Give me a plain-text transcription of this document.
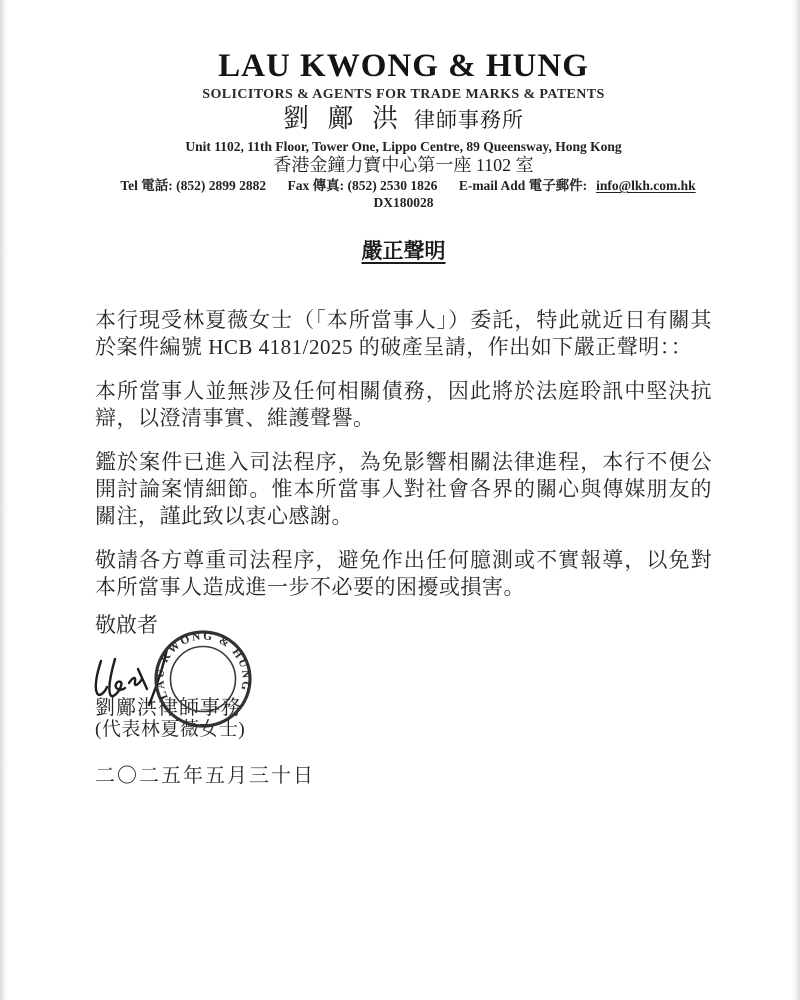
LAU KWONG & HUNG
SOLICITORS & AGENTS FOR TRADE MARKS & PATENTS
劉 鄺 洪 律師事務所
Unit 1102, 11th Floor, Tower One, Lippo Centre, 89 Queensway, Hong Kong
香港金鐘力寶中心第一座 1102 室
Tel 電話: (852) 2899 2882 Fax 傳真: (852) 2530 1826 E-mail Add 電子郵件: info@lkh.com.hk DX180028
嚴正聲明

本行現受林夏薇女士（「本所當事人」）委託，特此就近日有關其於案件編號 HCB 4181/2025 的破產呈請，作出如下嚴正聲明：：

本所當事人並無涉及任何相關債務，因此將於法庭聆訊中堅決抗辯，以澄清事實、維護聲譽。

鑑於案件已進入司法程序，為免影響相關法律進程，本行不便公開討論案情細節。惟本所當事人對社會各界的關心與傳媒朋友的關注，謹此致以衷心感謝。

敬請各方尊重司法程序，避免作出任何臆測或不實報導，以免對本所當事人造成進一步不必要的困擾或損害。

敬啟者
LAU KWONG & HUNG
劉鄺洪律師事務
(代表林夏薇女士)
二〇二五年五月三十日
